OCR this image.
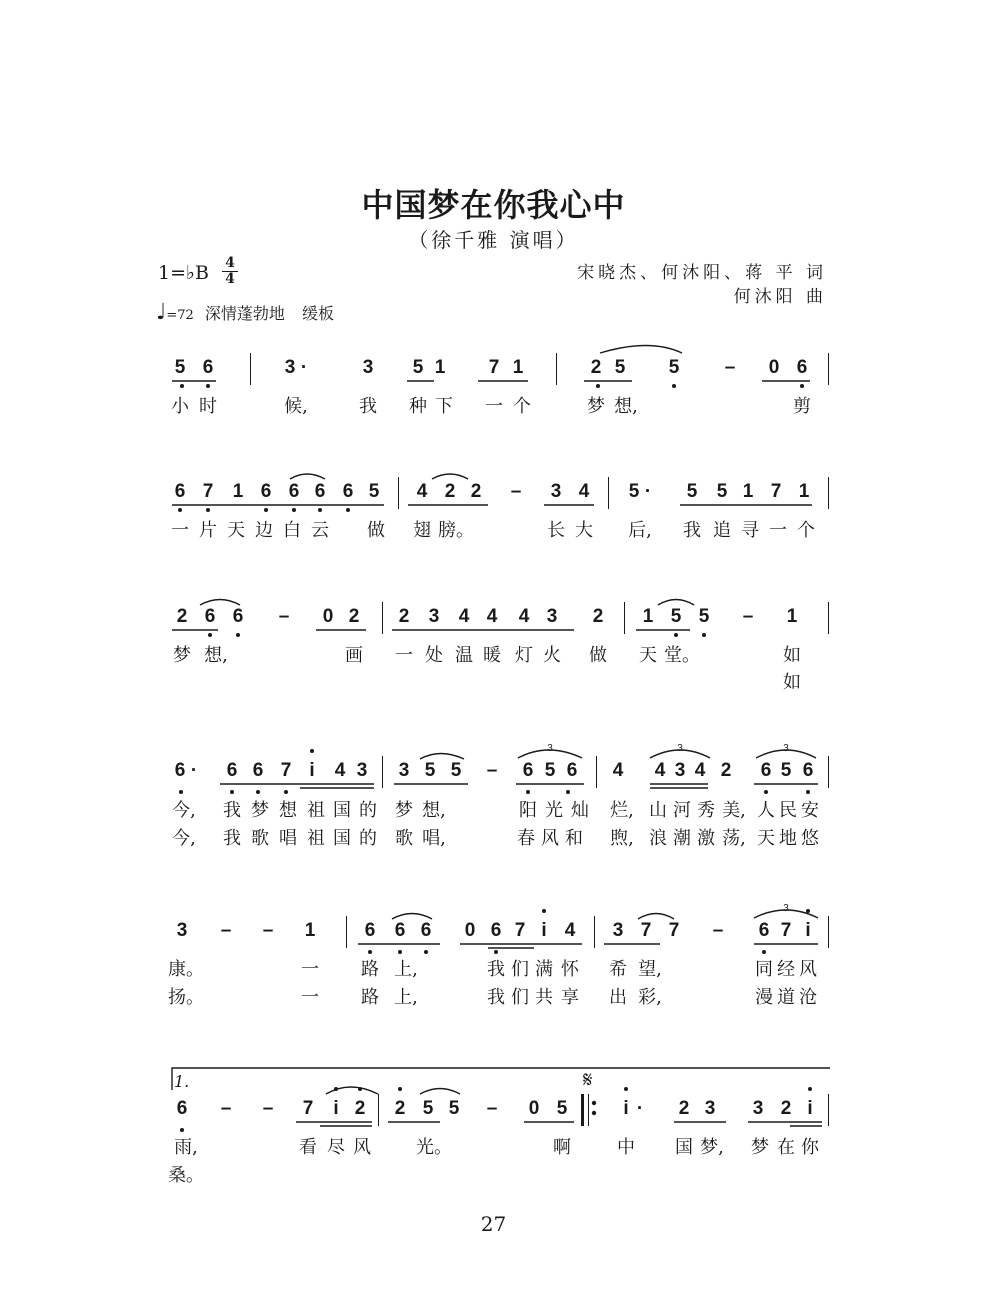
中国梦在你我心中
（徐千雅 演唱）
1=♭B 4
4
♩=72 深情蓬勃地 缓板
宋晓杰、何沐阳、蒋 平 词
何沐阳 曲
5 6	3 ·	3 5 1 7 1	2 5 5 – 0 6
小 时	候,	我 种 下 一 个	梦 想,	剪
6 7 1 6 6 6 6 5 4 2 2 – 3 4 5 · 5 5 1 7 1
一 片 天 边 白 云 做 翅 膀。	长 大 后, 我 追 寻 一 个
2 6 6 – 0 2 2 3 4 4 4 3 2 1 5 5 – 1
梦 想,	画 一 处 温 暖 灯 火 做 天 堂。	如
如
6 · 6 6 7 i 4 3 3 5 5 – 6 5 6 4 4 3 4 2 6 5 6
今, 我 梦 想 祖 国 的 梦 想,	阳 光 灿 烂, 山 河 秀 美, 人 民 安
今, 我 歌 唱 祖 国 的 歌 唱,	春 风 和 煦, 浪 潮 激 荡, 天 地 悠
3 – – 1	6 6 6 0 6 7 i 4 3 7 7 – 6 7 i
康。	一 路 上,	我 们 满 怀 希 望,	同 经 风
扬。	一 路 上,	我 们 共 享 出 彩,	漫 道 沧
1.	𝄋
6 – – 7 i 2 2 5 5 – 0 5	i · 2 3 3 2 i
雨,	看 尽 风	光。	啊	中 国 梦, 梦 在 你
桑。
27
3	3	3
3
